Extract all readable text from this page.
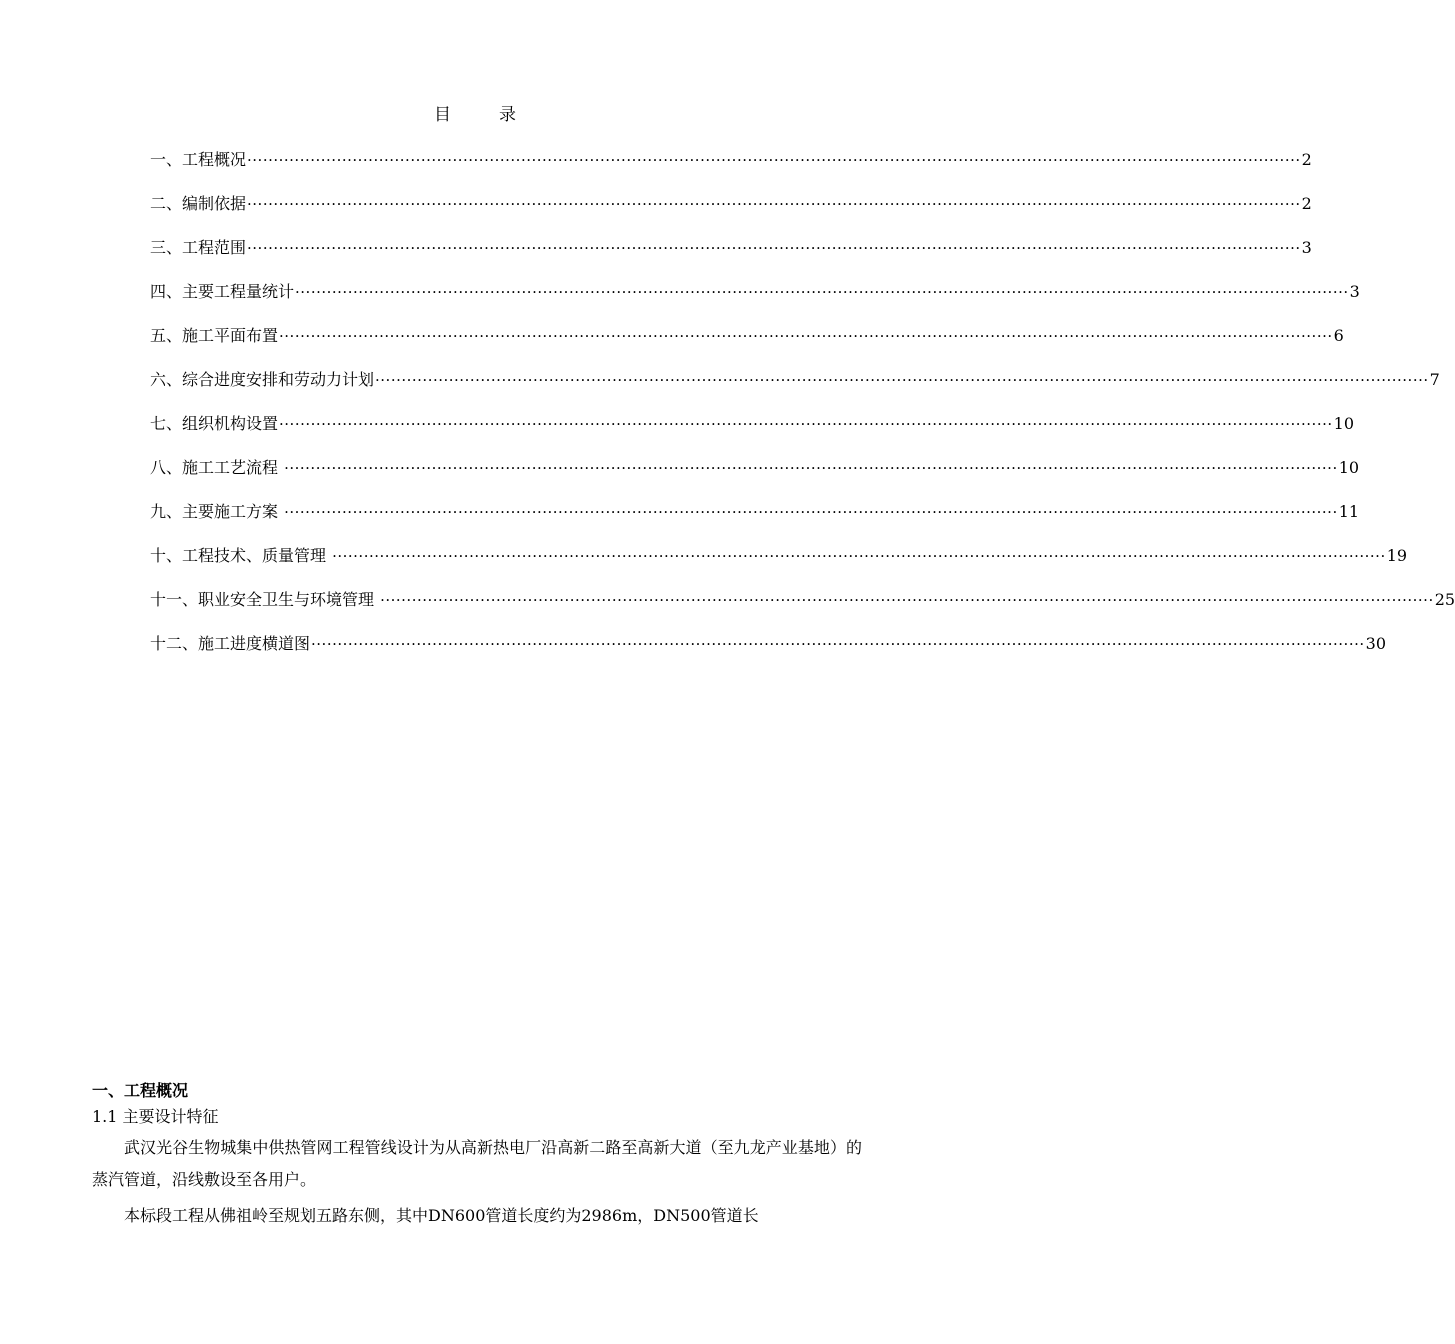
目	录
一、工程概况 ········································································································································································································ 2
二、编制依据 ········································································································································································································ 2
三、工程范围 ········································································································································································································ 3
四、主要工程量统计 ········································································································································································································ 3
五、施工平面布置 ········································································································································································································ 6
六、综合进度安排和劳动力计划 ········································································································································································································ 7
七、组织机构设置 ········································································································································································································ 10
八、施工工艺流程 ········································································································································································································ 10
九、主要施工方案 ········································································································································································································ 11
十、工程技术、质量管理 ········································································································································································································ 19
十一、职业安全卫生与环境管理 ········································································································································································································ 25
十二、施工进度横道图 ········································································································································································································ 30

一、工程概况

1.1 主要设计特征

武汉光谷生物城集中供热管网工程管线设计为从高新热电厂沿高新二路至高新大道（至九龙产业基地）的蒸汽管道，沿线敷设至各用户。

本标段工程从佛祖岭至规划五路东侧，其中DN600管道长度约为2986m，DN500管道长
